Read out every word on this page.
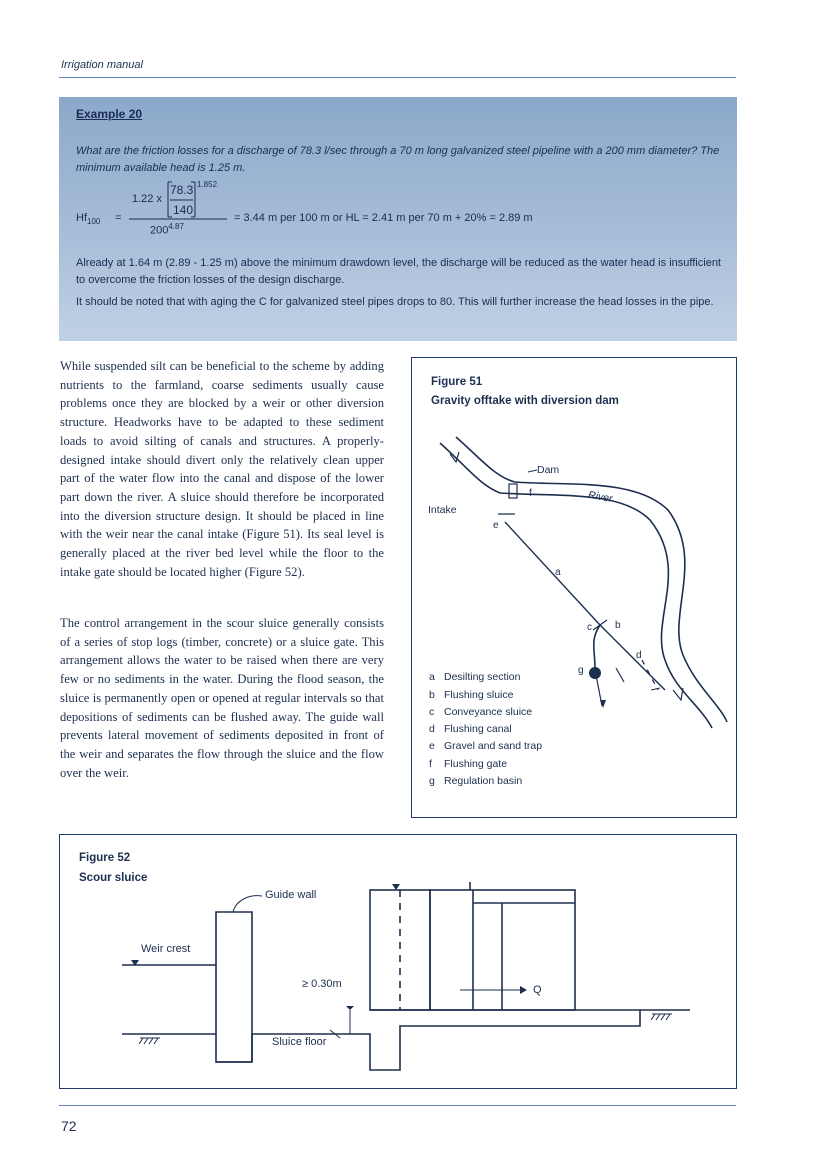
Irrigation manual
Example 20
What are the friction losses for a discharge of 78.3 l/sec through a 70 m long galvanized steel pipeline with a 200 mm diameter? The minimum available head is 1.25 m.
$Hf_{100}$ =
1.22 x
78.3
140
1.852
$200^{4.87}$
= 3.44 m per 100 m or HL = 2.41 m per 70 m + 20% = 2.89 m
Already at 1.64 m (2.89 - 1.25 m) above the minimum drawdown level, the discharge will be reduced as the water head is insufficient to overcome the friction losses of the design discharge.
It should be noted that with aging the C for galvanized steel pipes drops to 80. This will further increase the head losses in the pipe.
While suspended silt can be beneficial to the scheme by adding nutrients to the farmland, coarse sediments usually cause problems once they are blocked by a weir or other diversion structure. Headworks have to be adapted to these sediment loads to avoid silting of canals and structures. A properly-designed intake should divert only the relatively clean upper part of the water flow into the canal and dispose of the lower part down the river. A sluice should therefore be incorporated into the diversion structure design. It should be placed in line with the weir near the canal intake (Figure 51). Its seal level is generally placed at the river bed level while the floor to the intake gate should be located higher (Figure 52).
The control arrangement in the scour sluice generally consists of a series of stop logs (timber, concrete) or a sluice gate. This arrangement allows the water to be raised when there are very few or no sediments in the water. During the flood season, the sluice is permanently open or opened at regular intervals so that depositions of sediments can be flushed away. The guide wall prevents lateral movement of sediments deposited in front of the weir and separates the flow through the sluice and the flow over the weir.
Figure 51
Gravity offtake with diversion dam
Dam
River
Intake
f
e
a
c b
d
g
a Desilting section
b Flushing sluice
c Conveyance sluice
d Flushing canal
e Gravel and sand trap
f Flushing gate
g Regulation basin
Figure 52
Scour sluice
Guide wall
Weir crest
≥ 0.30m
Sluice floor
Q
72
